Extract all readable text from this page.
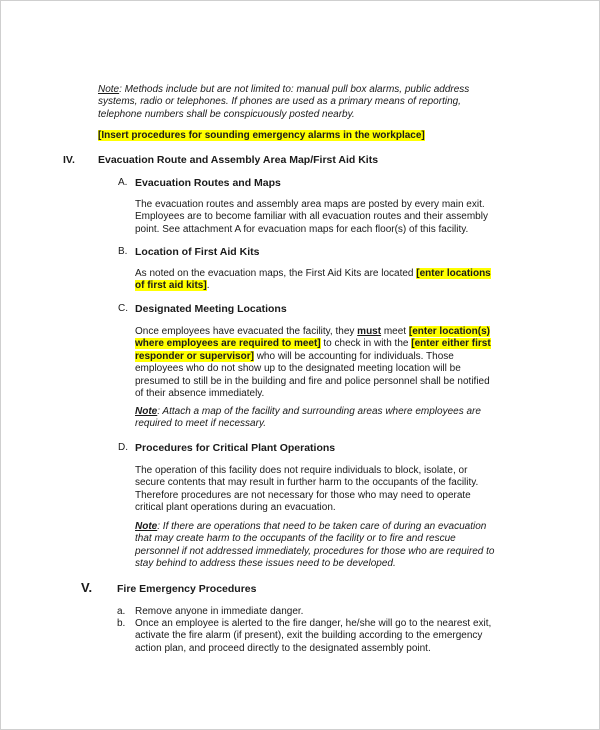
Note: Methods include but are not limited to: manual pull box alarms, public address systems, radio or telephones. If phones are used as a primary means of reporting, telephone numbers shall be conspicuously posted nearby.

[Insert procedures for sounding emergency alarms in the workplace]

IV. Evacuation Route and Assembly Area Map/First Aid Kits
A. Evacuation Routes and Maps

The evacuation routes and assembly area maps are posted by every main exit. Employees are to become familiar with all evacuation routes and their assembly point. See attachment A for evacuation maps for each floor(s) of this facility.

B. Location of First Aid Kits

As noted on the evacuation maps, the First Aid Kits are located [enter locations of first aid kits].

C. Designated Meeting Locations

Once employees have evacuated the facility, they must meet [enter location(s) where employees are required to meet] to check in with the [enter either first responder or supervisor] who will be accounting for individuals. Those employees who do not show up to the designated meeting location will be presumed to still be in the building and fire and police personnel shall be notified of their absence immediately.

Note: Attach a map of the facility and surrounding areas where employees are required to meet if necessary.

D. Procedures for Critical Plant Operations

The operation of this facility does not require individuals to block, isolate, or secure contents that may result in further harm to the occupants of the facility. Therefore procedures are not necessary for those who may need to operate critical plant operations during an evacuation.

Note: If there are operations that need to be taken care of during an evacuation that may create harm to the occupants of the facility or to fire and rescue personnel if not addressed immediately, procedures for those who are required to stay behind to address these issues need to be developed.

V. Fire Emergency Procedures
a. Remove anyone in immediate danger.

b. Once an employee is alerted to the fire danger, he/she will go to the nearest exit, activate the fire alarm (if present), exit the building according to the emergency action plan, and proceed directly to the designated assembly point.
